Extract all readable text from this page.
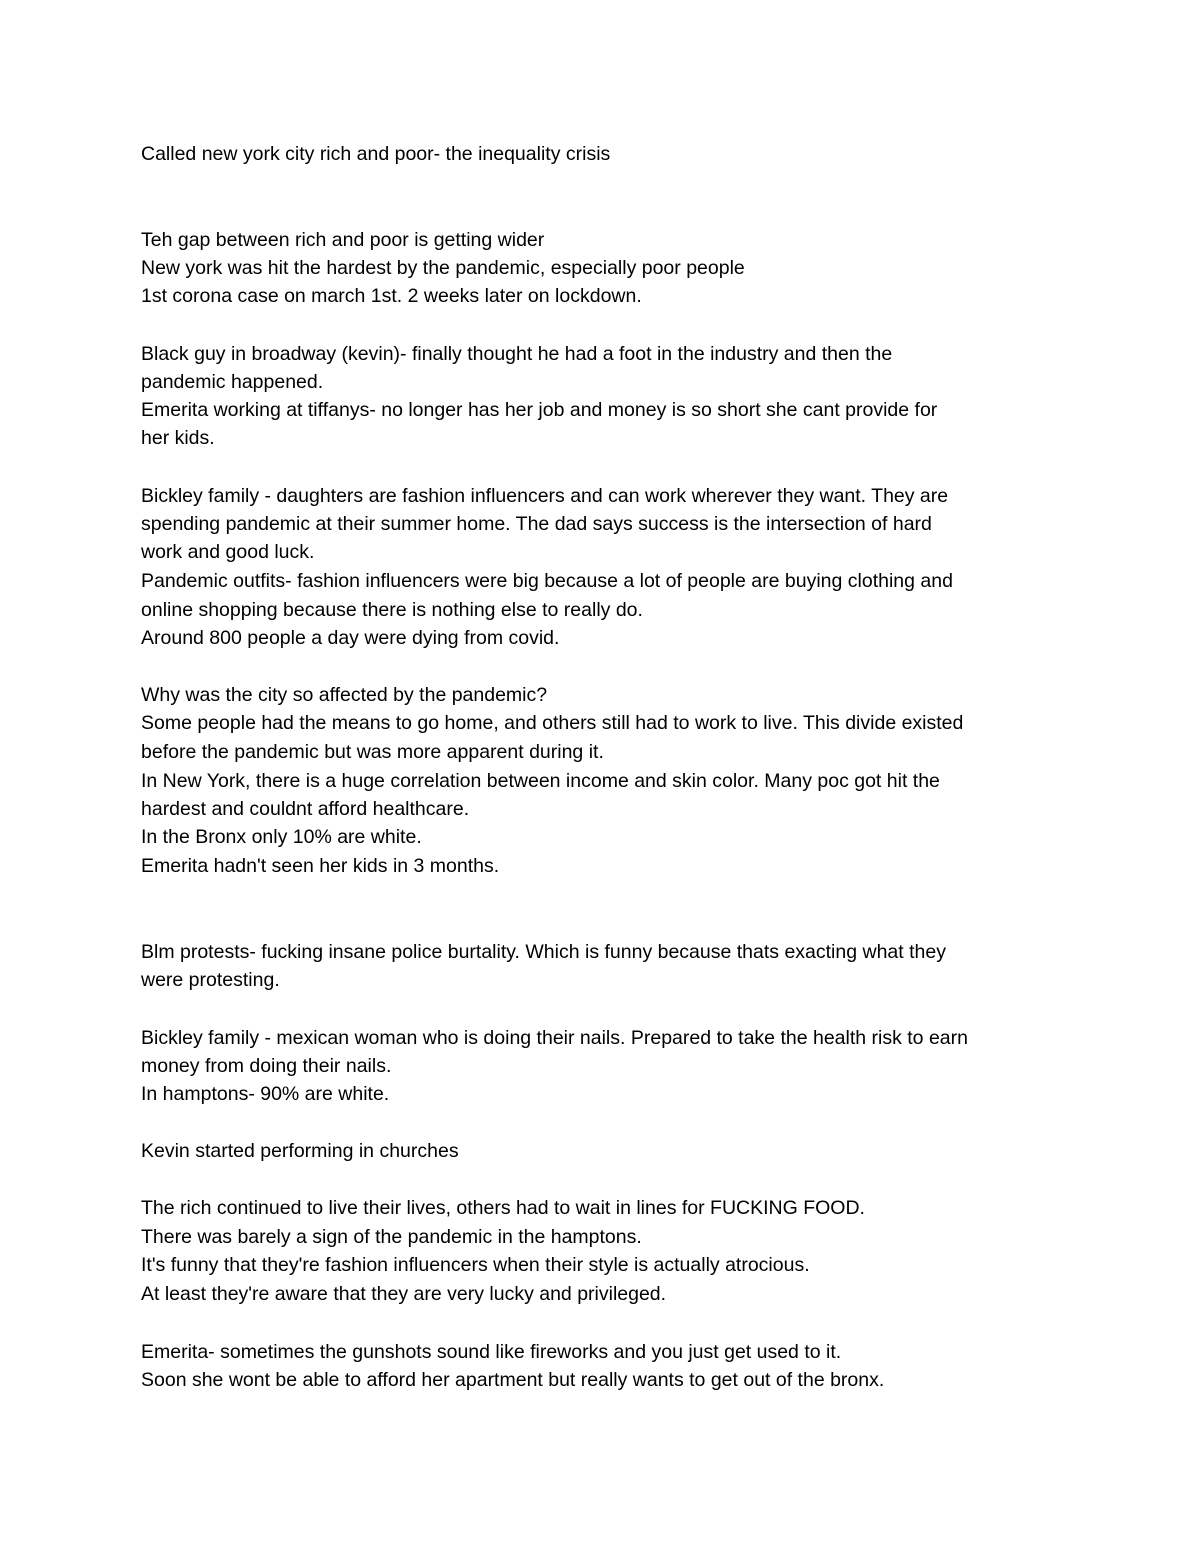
Called new york city rich and poor- the inequality crisis

Teh gap between rich and poor is getting wider

New york was hit the hardest by the pandemic, especially poor people

1st corona case on march 1st. 2 weeks later on lockdown.

Black guy in broadway (kevin)- finally thought he had a foot in the industry and then the

pandemic happened.

Emerita working at tiffanys- no longer has her job and money is so short she cant provide for

her kids.

Bickley family - daughters are fashion influencers and can work wherever they want. They are

spending pandemic at their summer home. The dad says success is the intersection of hard

work and good luck.

Pandemic outfits- fashion influencers were big because a lot of people are buying clothing and

online shopping because there is nothing else to really do.

Around 800 people a day were dying from covid.

Why was the city so affected by the pandemic?

Some people had the means to go home, and others still had to work to live. This divide existed

before the pandemic but was more apparent during it.

In New York, there is a huge correlation between income and skin color. Many poc got hit the

hardest and couldnt afford healthcare.

In the Bronx only 10% are white.

Emerita hadn't seen her kids in 3 months.

Blm protests- fucking insane police burtality. Which is funny because thats exacting what they

were protesting.

Bickley family - mexican woman who is doing their nails. Prepared to take the health risk to earn

money from doing their nails.

In hamptons- 90% are white.

Kevin started performing in churches

The rich continued to live their lives, others had to wait in lines for FUCKING FOOD.

There was barely a sign of the pandemic in the hamptons.

It's funny that they're fashion influencers when their style is actually atrocious.

At least they're aware that they are very lucky and privileged.

Emerita- sometimes the gunshots sound like fireworks and you just get used to it.

Soon she wont be able to afford her apartment but really wants to get out of the bronx.
